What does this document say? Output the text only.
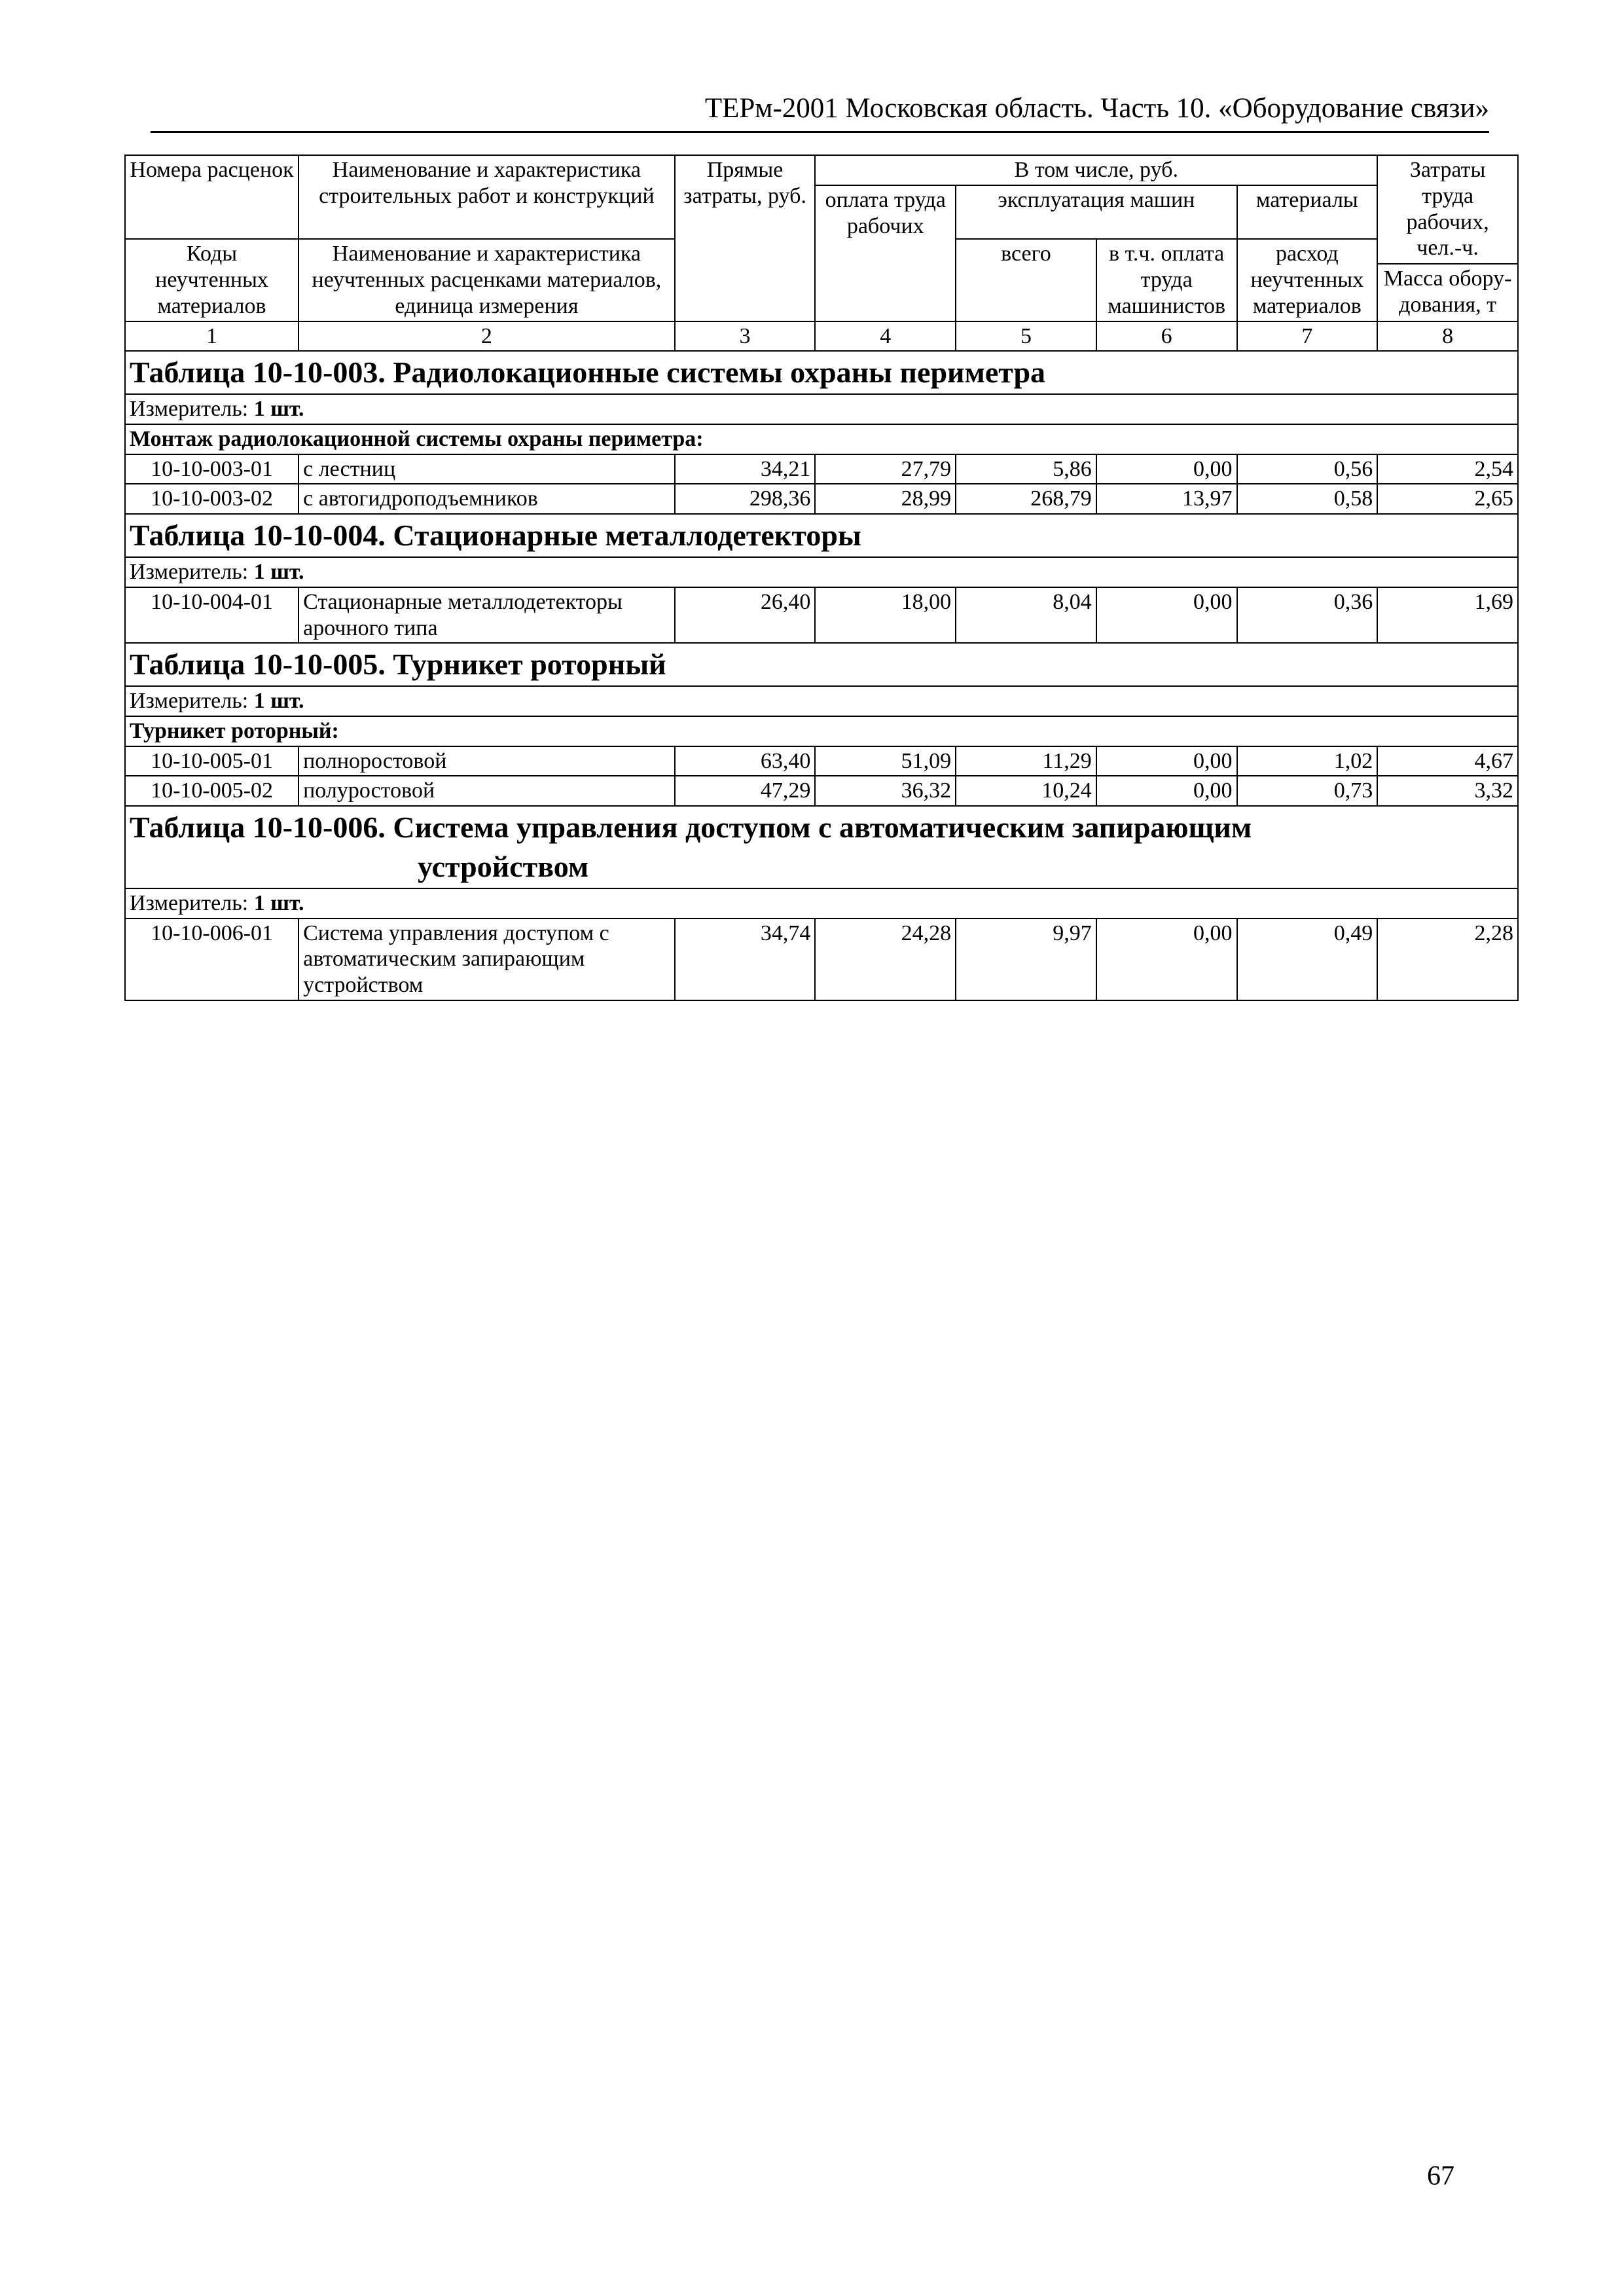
ТЕРм-2001 Московская область. Часть 10. «Оборудование связи»
Номера расценок	Наименование и характеристика строительных работ и конструкций	Прямые затраты, руб.	В том числе, руб.				Затраты труда рабочих, чел.-ч.
			оплата труда рабочих	эксплуатация машин		материалы	
Коды неучтенных материалов	Наименование и характеристика неучтенных расценками материалов, единица измерения			всего	в т.ч. оплата труда машинистов	расход неучтенных материалов	

							Масса обору-дования, т
1	2	3	4	5	6	7	8
Таблица 10-10-003. Радиолокационные системы охраны периметра							
Измеритель: 1 шт.							
Монтаж радиолокационной системы охраны периметра:							
10-10-003-01	с лестниц	34,21	27,79	5,86	0,00	0,56	2,54
10-10-003-02	с автогидроподъемников	298,36	28,99	268,79	13,97	0,58	2,65
Таблица 10-10-004. Стационарные металлодетекторы							
Измеритель: 1 шт.							
10-10-004-01	Стационарные металлодетекторы арочного типа	26,40	18,00	8,04	0,00	0,36	1,69
Таблица 10-10-005. Турникет роторный							
Измеритель: 1 шт.							
Турникет роторный:							
10-10-005-01	полноростовой	63,40	51,09	11,29	0,00	1,02	4,67
10-10-005-02	полуростовой	47,29	36,32	10,24	0,00	0,73	3,32
Таблица 10-10-006. Система управления доступом с автоматическим запирающим
устройством							
Измеритель: 1 шт.							
10-10-006-01	Система управления доступом с автоматическим запирающим устройством	34,74	24,28	9,97	0,00	0,49	2,28
67
